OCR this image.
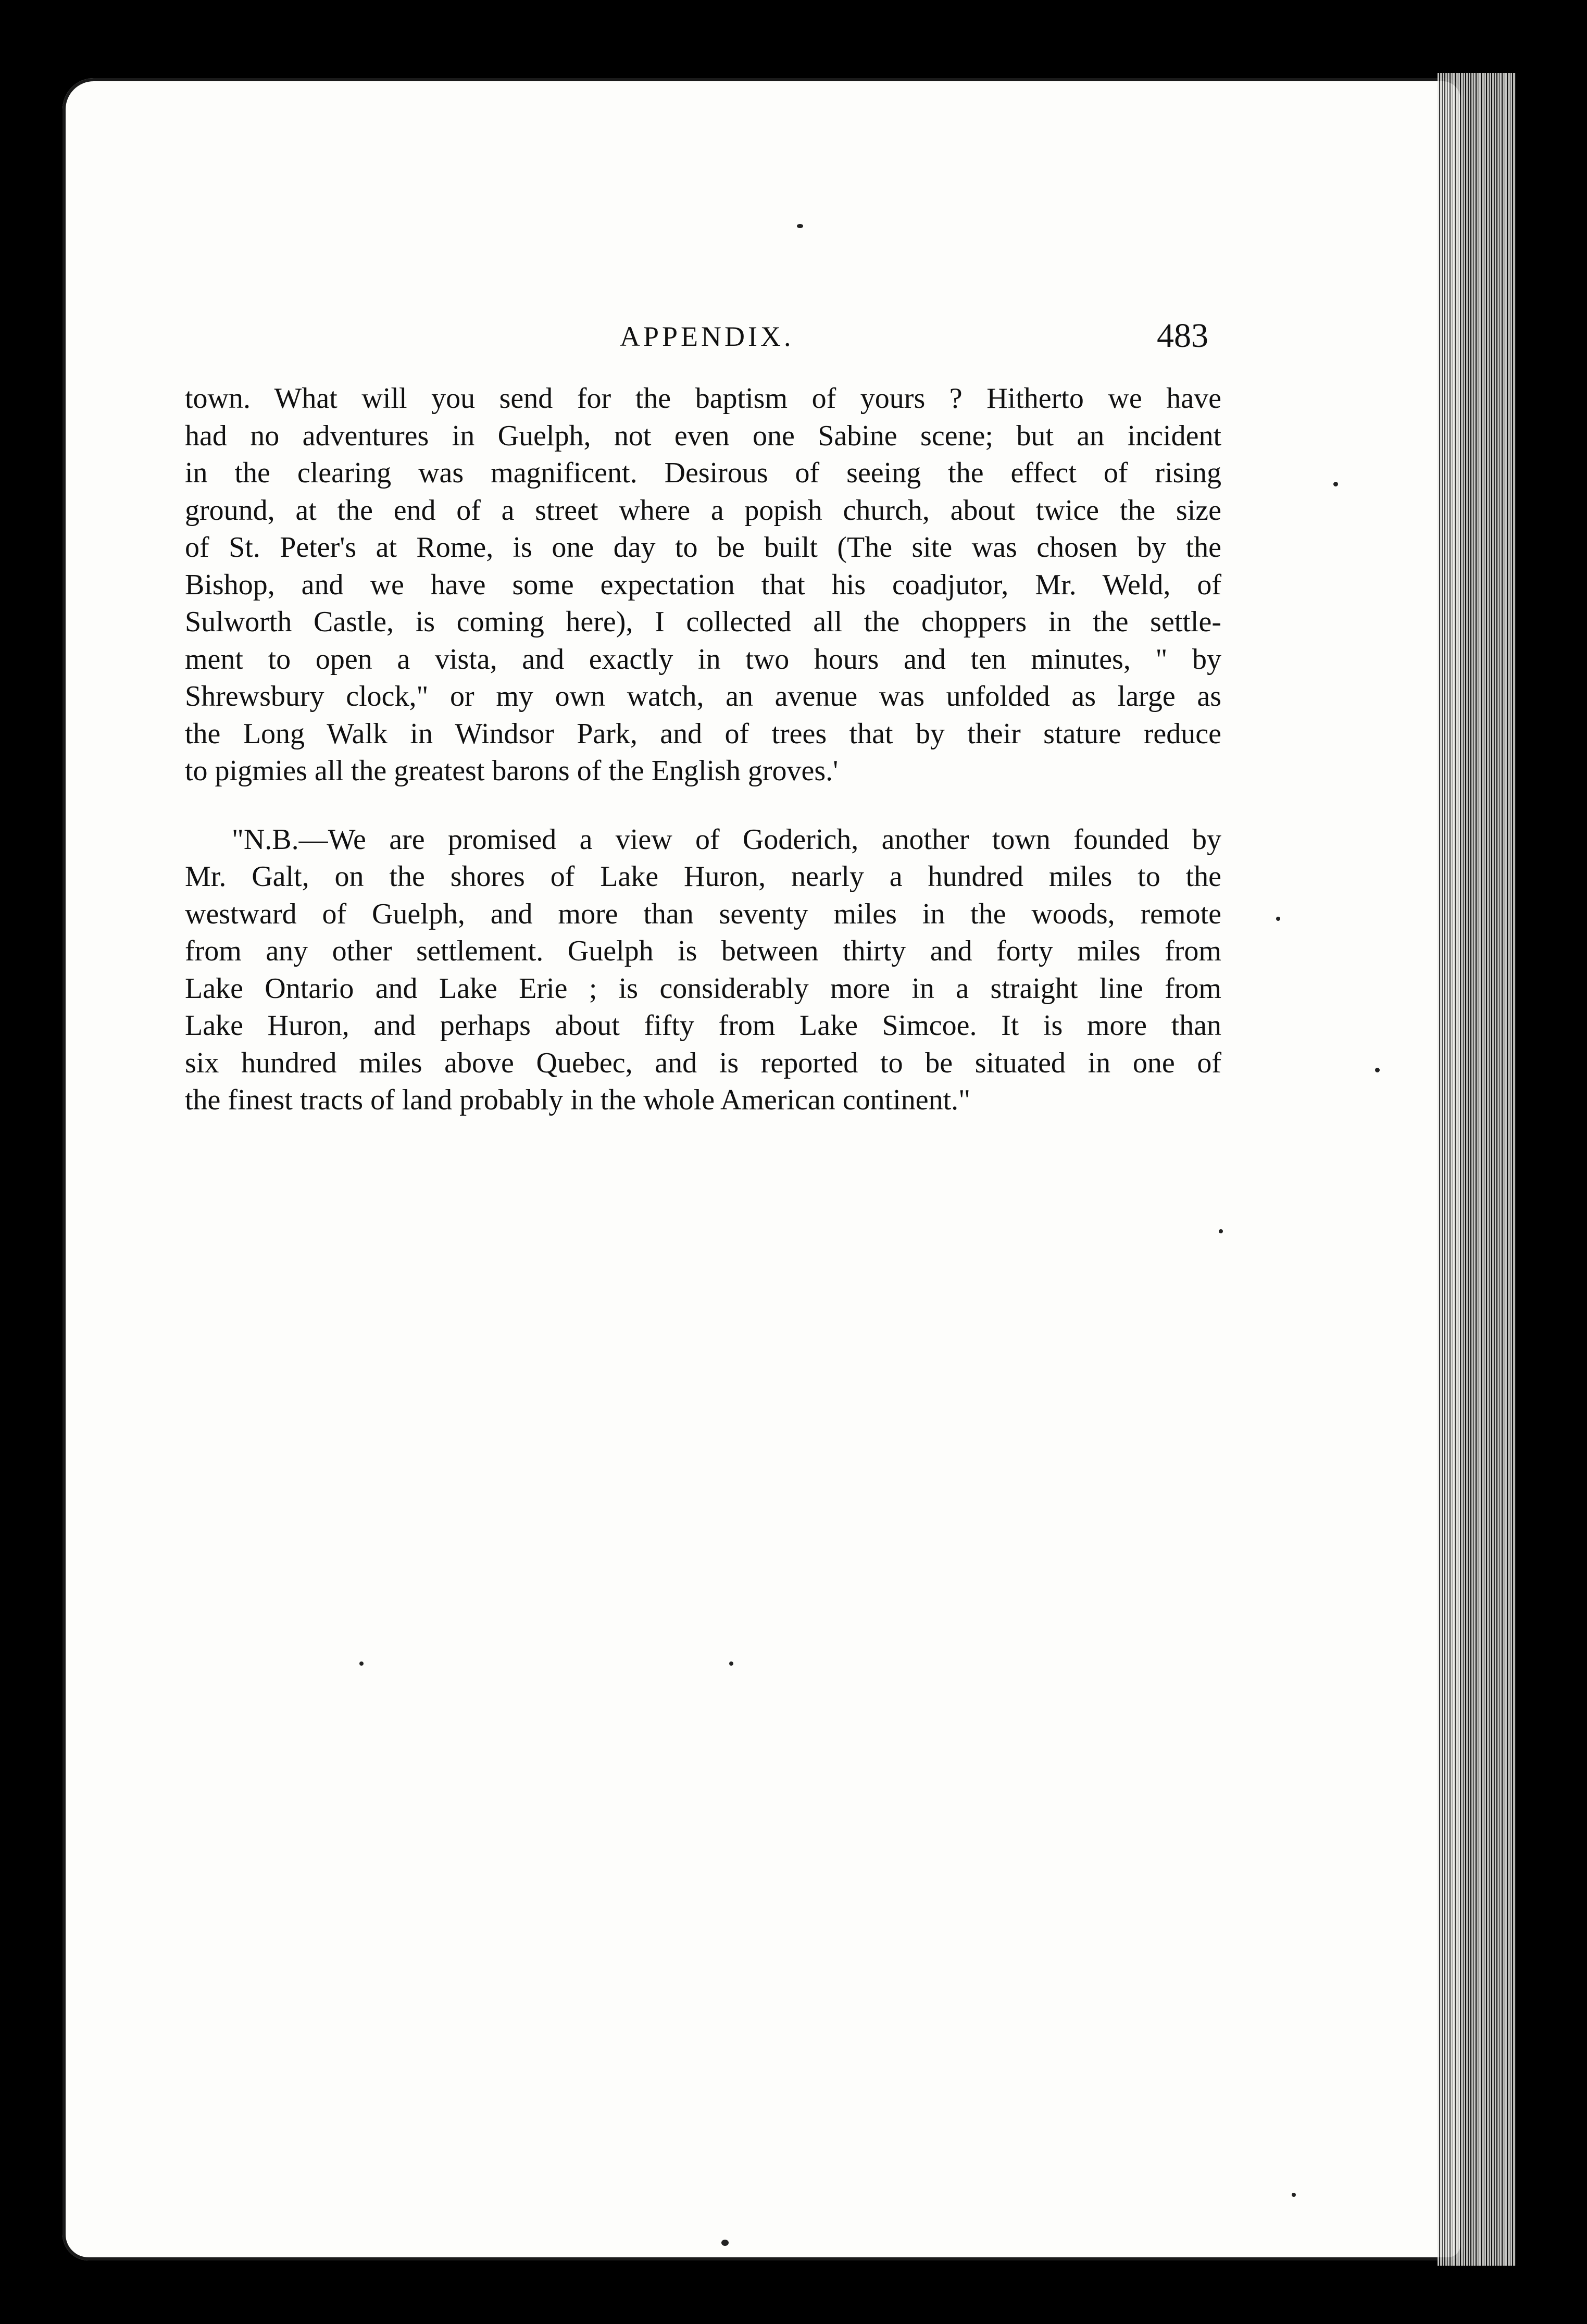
APPENDIX.	483
town. What will you send for the baptism of yours ? Hitherto we have
had no adventures in Guelph, not even one Sabine scene; but an incident
in the clearing was magnificent. Desirous of seeing the effect of rising
ground, at the end of a street where a popish church, about twice the size
of St. Peter's at Rome, is one day to be built (The site was chosen by the
Bishop, and we have some expectation that his coadjutor, Mr. Weld, of
Sulworth Castle, is coming here), I collected all the choppers in the settle-
ment to open a vista, and exactly in two hours and ten minutes, " by
Shrewsbury clock," or my own watch, an avenue was unfolded as large as
the Long Walk in Windsor Park, and of trees that by their stature reduce
to pigmies all the greatest barons of the English groves.'
"N.B.—We are promised a view of Goderich, another town founded by
Mr. Galt, on the shores of Lake Huron, nearly a hundred miles to the
westward of Guelph, and more than seventy miles in the woods, remote
from any other settlement. Guelph is between thirty and forty miles from
Lake Ontario and Lake Erie ; is considerably more in a straight line from
Lake Huron, and perhaps about fifty from Lake Simcoe. It is more than
six hundred miles above Quebec, and is reported to be situated in one of
the finest tracts of land probably in the whole American continent."
